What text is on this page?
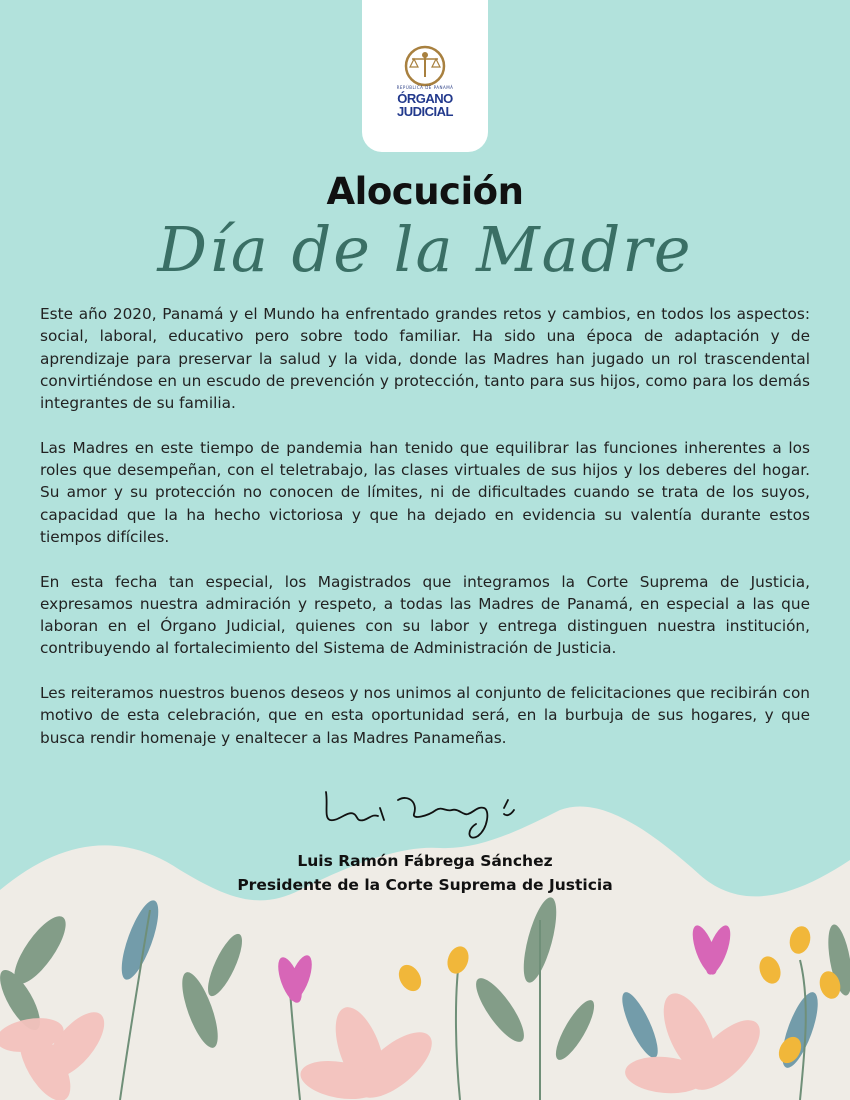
REPÚBLICA DE PANAMÁ
ÓRGANO
JUDICIAL
Alocución
Día de la Madre

Este año 2020, Panamá y el Mundo ha enfrentado grandes retos y cambios, en todos los aspectos: social, laboral, educativo pero sobre todo familiar. Ha sido una época de adaptación y de aprendizaje para preservar la salud y la vida, donde las Madres han jugado un rol trascendental convirtiéndose en un escudo de prevención y protección, tanto para sus hijos, como para los demás integrantes de su familia.

Las Madres en este tiempo de pandemia han tenido que equilibrar las funciones inherentes a los roles que desempeñan, con el teletrabajo, las clases virtuales de sus hijos y los deberes del hogar. Su amor y su protección no conocen de límites, ni de dificultades cuando se trata de los suyos, capacidad que la ha hecho victoriosa y que ha dejado en evidencia su valentía durante estos tiempos difíciles.

En esta fecha tan especial, los Magistrados que integramos la Corte Suprema de Justicia, expresamos nuestra admiración y respeto, a todas las Madres de Panamá, en especial a las que laboran en el Órgano Judicial, quienes con su labor y entrega distinguen nuestra institución, contribuyendo al fortalecimiento del Sistema de Administración de Justicia.

Les reiteramos nuestros buenos deseos y nos unimos al conjunto de felicitaciones que recibirán con motivo de esta celebración, que en esta oportunidad será, en la burbuja de sus hogares, y que busca rendir homenaje y enaltecer a las Madres Panameñas.

Luis Ramón Fábrega Sánchez
Presidente de la Corte Suprema de Justicia
